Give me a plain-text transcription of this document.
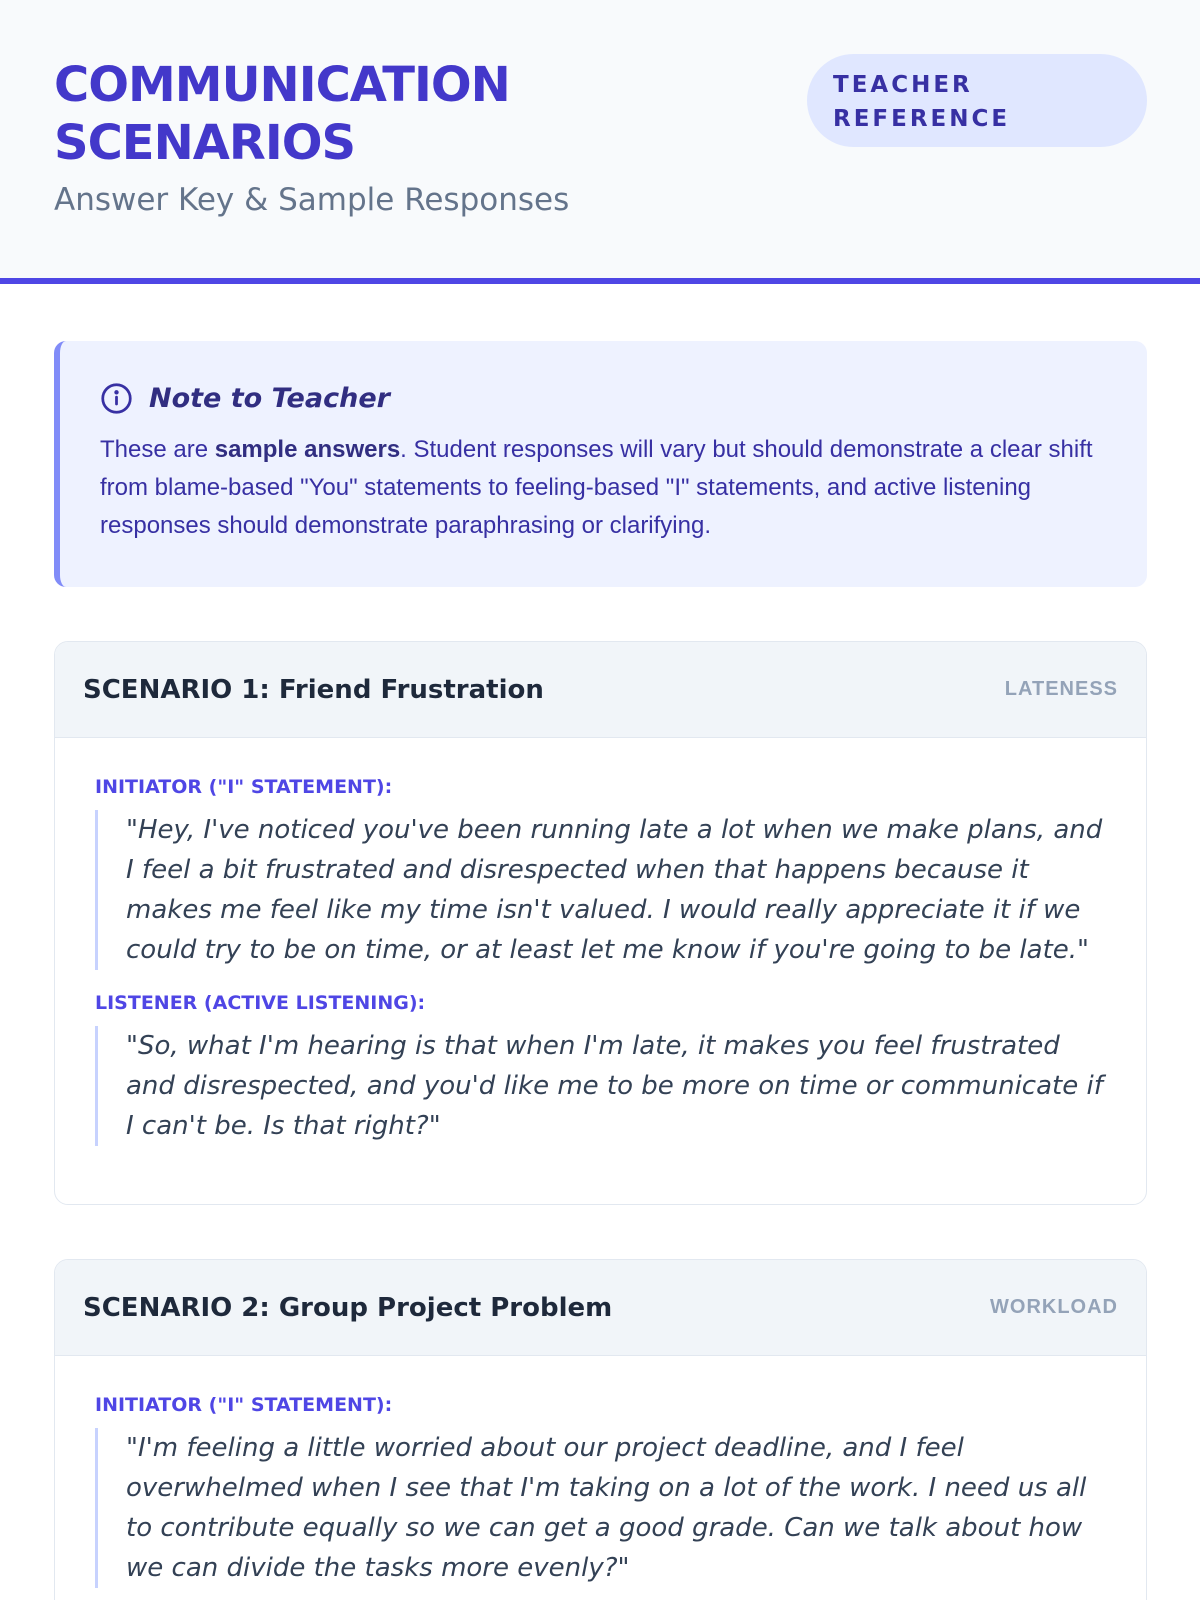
COMMUNICATION SCENARIOS
Answer Key & Sample Responses
TEACHER REFERENCE
Note to Teacher

These are sample answers. Student responses will vary but should demonstrate a clear shift from blame-based "You" statements to feeling-based "I" statements, and active listening responses should demonstrate paraphrasing or clarifying.

SCENARIO 1: Friend Frustration	LATENESS
INITIATOR ("I" STATEMENT):
"Hey, I've noticed you've been running late a lot when we make plans, and I feel a bit frustrated and disrespected when that happens because it makes me feel like my time isn't valued. I would really appreciate it if we could try to be on time, or at least let me know if you're going to be late."
LISTENER (ACTIVE LISTENING):
"So, what I'm hearing is that when I'm late, it makes you feel frustrated and disrespected, and you'd like me to be more on time or communicate if I can't be. Is that right?"
SCENARIO 2: Group Project Problem	WORKLOAD
INITIATOR ("I" STATEMENT):
"I'm feeling a little worried about our project deadline, and I feel overwhelmed when I see that I'm taking on a lot of the work. I need us all to contribute equally so we can get a good grade. Can we talk about how we can divide the tasks more evenly?"
